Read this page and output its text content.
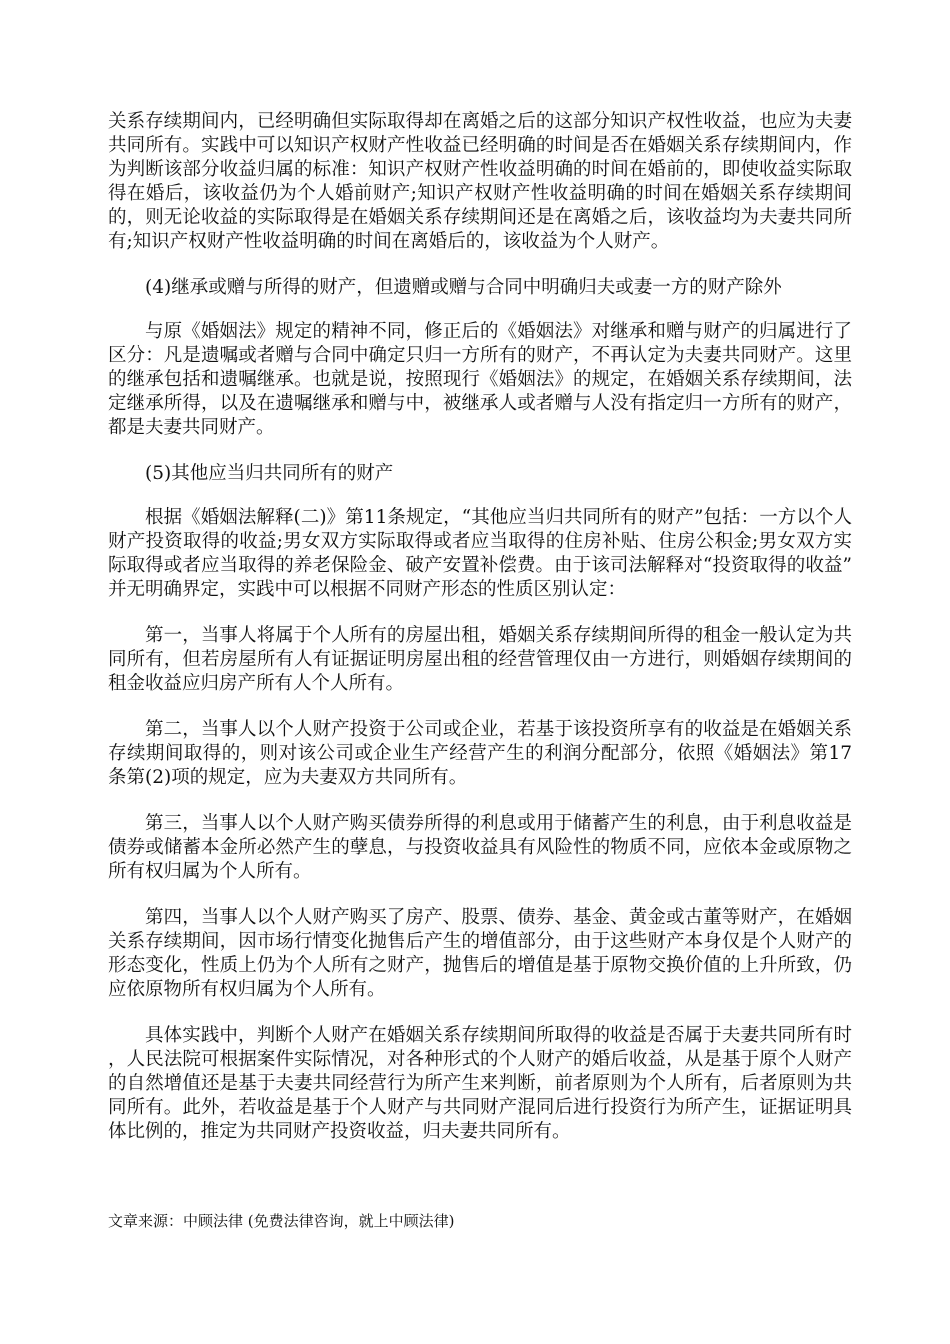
关系存续期间内，已经明确但实际取得却在离婚之后的这部分知识产权性收益，也应为夫妻共同所有。实践中可以知识产权财产性收益已经明确的时间是否在婚姻关系存续期间内，作为判断该部分收益归属的标准：知识产权财产性收益明确的时间在婚前的，即使收益实际取得在婚后，该收益仍为个人婚前财产;知识产权财产性收益明确的时间在婚姻关系存续期间的，则无论收益的实际取得是在婚姻关系存续期间还是在离婚之后，该收益均为夫妻共同所有;知识产权财产性收益明确的时间在离婚后的，该收益为个人财产。

(4)继承或赠与所得的财产，但遗赠或赠与合同中明确归夫或妻一方的财产除外

与原《婚姻法》规定的精神不同，修正后的《婚姻法》对继承和赠与财产的归属进行了区分：凡是遗嘱或者赠与合同中确定只归一方所有的财产，不再认定为夫妻共同财产。这里的继承包括和遗嘱继承。也就是说，按照现行《婚姻法》的规定，在婚姻关系存续期间，法定继承所得，以及在遗嘱继承和赠与中，被继承人或者赠与人没有指定归一方所有的财产，都是夫妻共同财产。

(5)其他应当归共同所有的财产

根据《婚姻法解释(二)》第11条规定，“其他应当归共同所有的财产”包括：一方以个人财产投资取得的收益;男女双方实际取得或者应当取得的住房补贴、住房公积金;男女双方实际取得或者应当取得的养老保险金、破产安置补偿费。由于该司法解释对“投资取得的收益”并无明确界定，实践中可以根据不同财产形态的性质区别认定：

第一，当事人将属于个人所有的房屋出租，婚姻关系存续期间所得的租金一般认定为共同所有，但若房屋所有人有证据证明房屋出租的经营管理仅由一方进行，则婚姻存续期间的租金收益应归房产所有人个人所有。

第二，当事人以个人财产投资于公司或企业，若基于该投资所享有的收益是在婚姻关系存续期间取得的，则对该公司或企业生产经营产生的利润分配部分，依照《婚姻法》第17条第(2)项的规定，应为夫妻双方共同所有。

第三，当事人以个人财产购买债券所得的利息或用于储蓄产生的利息，由于利息收益是债券或储蓄本金所必然产生的孽息，与投资收益具有风险性的物质不同，应依本金或原物之所有权归属为个人所有。

第四，当事人以个人财产购买了房产、股票、债券、基金、黄金或古董等财产，在婚姻关系存续期间，因市场行情变化抛售后产生的增值部分，由于这些财产本身仅是个人财产的形态变化，性质上仍为个人所有之财产，抛售后的增值是基于原物交换价值的上升所致，仍应依原物所有权归属为个人所有。

具体实践中，判断个人财产在婚姻关系存续期间所取得的收益是否属于夫妻共同所有时，人民法院可根据案件实际情况，对各种形式的个人财产的婚后收益，从是基于原个人财产的自然增值还是基于夫妻共同经营行为所产生来判断，前者原则为个人所有，后者原则为共同所有。此外，若收益是基于个人财产与共同财产混同后进行投资行为所产生，证据证明具体比例的，推定为共同财产投资收益，归夫妻共同所有。

文章来源：中顾法律 (免费法律咨询，就上中顾法律)
